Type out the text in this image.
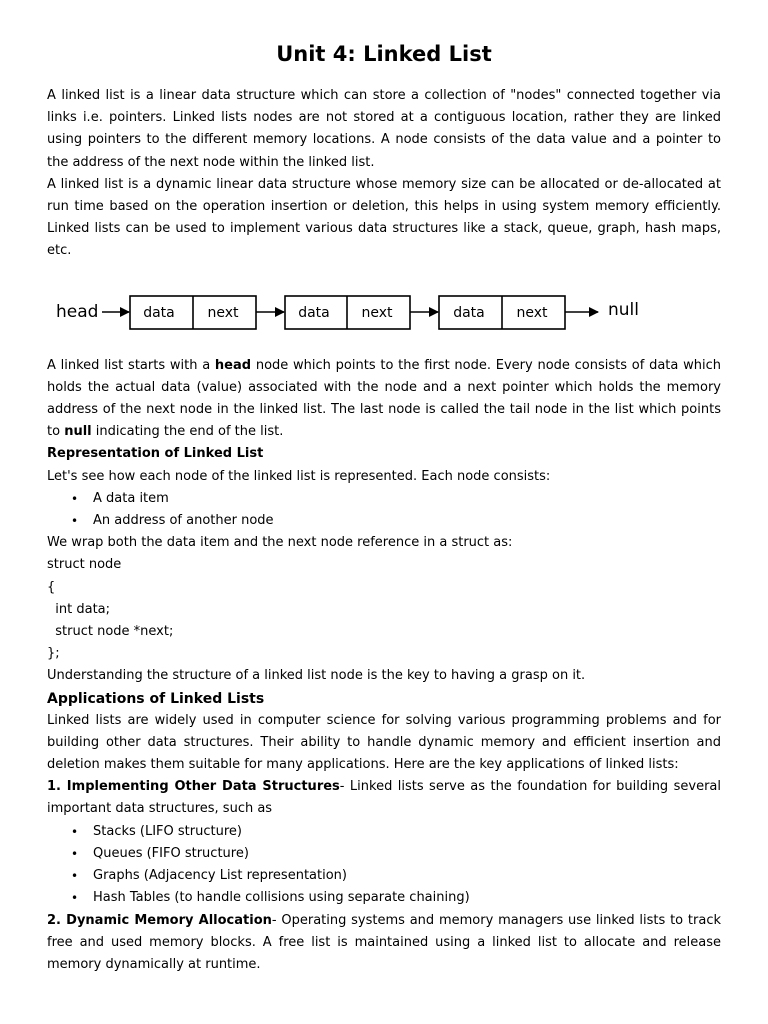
Unit 4: Linked List

A linked list is a linear data structure which can store a collection of "nodes" connected together via links i.e. pointers. Linked lists nodes are not stored at a contiguous location, rather they are linked using pointers to the different memory locations. A node consists of the data value and a pointer to the address of the next node within the linked list.

A linked list is a dynamic linear data structure whose memory size can be allocated or de-allocated at run time based on the operation insertion or deletion, this helps in using system memory efficiently. Linked lists can be used to implement various data structures like a stack, queue, graph, hash maps, etc.

head	data next	data next	data next	null

A linked list starts with a head node which points to the first node. Every node consists of data which holds the actual data (value) associated with the node and a next pointer which holds the memory address of the next node in the linked list. The last node is called the tail node in the list which points to null indicating the end of the list.

Representation of Linked List

Let's see how each node of the linked list is represented. Each node consists:

• A data item
• An address of another node

We wrap both the data item and the next node reference in a struct as:

struct node
{
int data;
struct node *next;
};

Understanding the structure of a linked list node is the key to having a grasp on it.

Applications of Linked Lists

Linked lists are widely used in computer science for solving various programming problems and for building other data structures. Their ability to handle dynamic memory and efficient insertion and deletion makes them suitable for many applications. Here are the key applications of linked lists:

1. Implementing Other Data Structures- Linked lists serve as the foundation for building several important data structures, such as

• Stacks (LIFO structure)
• Queues (FIFO structure)
• Graphs (Adjacency List representation)
• Hash Tables (to handle collisions using separate chaining)

2. Dynamic Memory Allocation- Operating systems and memory managers use linked lists to track free and used memory blocks. A free list is maintained using a linked list to allocate and release memory dynamically at runtime.
